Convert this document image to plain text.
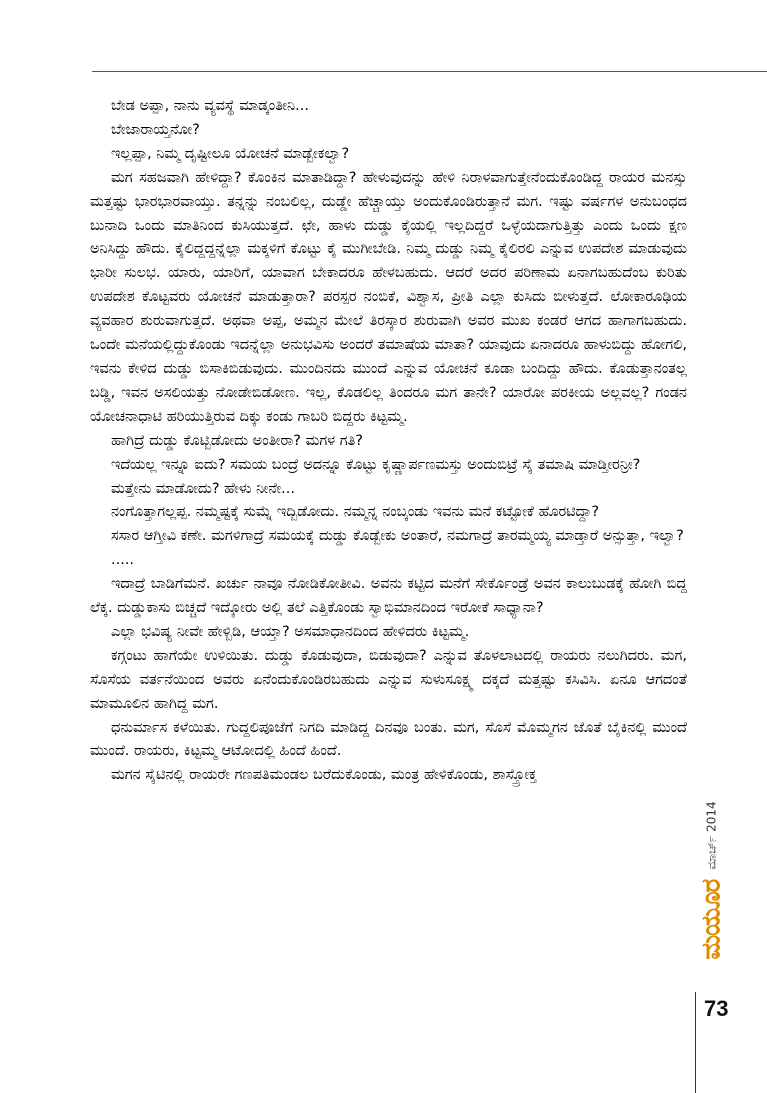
ಬೇಡ ಅಪ್ಪಾ, ನಾನು ವ್ಯವಸ್ಥೆ ಮಾಡ್ಕಂತೀನಿ...

ಬೇಜಾರಾಯ್ತನೋ?

ಇಲ್ಲಪ್ಪಾ, ನಿಮ್ಮ ದೃಷ್ಟೀಲೂ ಯೋಚನೆ ಮಾಡ್ಬೇಕಲ್ವಾ?

ಮಗ ಸಹಜವಾಗಿ ಹೇಳಿದ್ದಾ? ಕೊಂಕಿನ ಮಾತಾಡಿದ್ದಾ? ಹೇಳುವುದನ್ನು ಹೇಳಿ ನಿರಾಳವಾಗುತ್ತೇನೆಂದುಕೊಂಡಿದ್ದ ರಾಯರ ಮನಸ್ಸು ಮತ್ತಷ್ಟು ಭಾರಭಾರವಾಯ್ತು. ತನ್ನನ್ನು ನಂಬಲಿಲ್ಲ, ದುಡ್ಡೇ ಹೆಚ್ಚಾಯ್ತು ಅಂದುಕೊಂಡಿರುತ್ತಾನೆ ಮಗ. ಇಷ್ಟು ವರ್ಷಗಳ ಅನುಬಂಧದ ಬುನಾದಿ ಒಂದು ಮಾತಿನಿಂದ ಕುಸಿಯುತ್ತದೆ. ಛೇ, ಹಾಳು ದುಡ್ಡು ಕೈಯಲ್ಲಿ ಇಲ್ಲದಿದ್ದರೆ ಒಳ್ಳೆಯದಾಗುತ್ತಿತ್ತು ಎಂದು ಒಂದು ಕ್ಷಣ ಅನಿಸಿದ್ದು ಹೌದು. ಕೈಲಿದ್ದದ್ದನ್ನೆಲ್ಲಾ ಮಕ್ಕಳಿಗೆ ಕೊಟ್ಟು ಕೈ ಮುಗೀಬೇಡಿ. ನಿಮ್ಮ ದುಡ್ಡು ನಿಮ್ಮ ಕೈಲಿರಲಿ ಎನ್ನುವ ಉಪದೇಶ ಮಾಡುವುದು ಭಾರೀ ಸುಲಭ. ಯಾರು, ಯಾರಿಗೆ, ಯಾವಾಗ ಬೇಕಾದರೂ ಹೇಳಬಹುದು. ಆದರೆ ಅದರ ಪರಿಣಾಮ ಏನಾಗಬಹುದೆಂಬ ಕುರಿತು ಉಪದೇಶ ಕೊಟ್ಟವರು ಯೋಚನೆ ಮಾಡುತ್ತಾರಾ? ಪರಸ್ಪರ ನಂಬಿಕೆ, ವಿಶ್ವಾಸ, ಪ್ರೀತಿ ಎಲ್ಲಾ ಕುಸಿದು ಬೀಳುತ್ತದೆ. ಲೋಕಾರೂಢಿಯ ವ್ಯವಹಾರ ಶುರುವಾಗುತ್ತದೆ. ಅಥವಾ ಅಪ್ಪ, ಅಮ್ಮನ ಮೇಲೆ ತಿರಸ್ಕಾರ ಶುರುವಾಗಿ ಅವರ ಮುಖ ಕಂಡರೆ ಆಗದ ಹಾಗಾಗಬಹುದು. ಒಂದೇ ಮನೆಯಲ್ಲಿದ್ದುಕೊಂಡು ಇದನ್ನೆಲ್ಲಾ ಅನುಭವಿಸು ಅಂದರೆ ತಮಾಷೆಯ ಮಾತಾ? ಯಾವುದು ಏನಾದರೂ ಹಾಳುಬಿದ್ದು ಹೋಗಲಿ, ಇವನು ಕೇಳಿದ ದುಡ್ಡು ಬಿಸಾಕಿಬಿಡುವುದು. ಮುಂದಿನದು ಮುಂದೆ ಎನ್ನುವ ಯೋಚನೆ ಕೂಡಾ ಬಂದಿದ್ದು ಹೌದು. ಕೊಡುತ್ತಾನಂತಲ್ಲ ಬಡ್ಡಿ, ಇವನ ಅಸಲಿಯತ್ತು ನೋಡೇಬಿಡೋಣ. ಇಲ್ಲ, ಕೊಡಲಿಲ್ಲ ತಿಂದರೂ ಮಗ ತಾನೇ? ಯಾರೋ ಪರಕೀಯ ಅಲ್ಲವಲ್ಲ? ಗಂಡನ ಯೋಚನಾಧಾಟಿ ಹರಿಯುತ್ತಿರುವ ದಿಕ್ಕು ಕಂಡು ಗಾಬರಿ ಬಿದ್ದರು ಕಿಟ್ಟಮ್ಮ.

ಹಾಗಿದ್ರೆ ದುಡ್ಡು ಕೊಟ್ಬಿಡೋದು ಅಂತೀರಾ? ಮಗಳ ಗತಿ?

ಇದೆಯಲ್ಲ ಇನ್ನೂ ಐದು? ಸಮಯ ಬಂದ್ರೆ ಅದನ್ನೂ ಕೊಟ್ಟು ಕೃಷ್ಣಾರ್ಪಣಮಸ್ತು ಅಂದುಬಿಟ್ರೆ ಸೈ ತಮಾಷಿ ಮಾಡ್ತೀರನ್ರೀ?

ಮತ್ತೇನು ಮಾಡೋದು? ಹೇಳು ನೀನೇ...

ನಂಗೊತ್ತಾಗಲ್ಲಪ್ಪ. ನಮ್ಮಷ್ಟಕ್ಕೆ ಸುಮ್ನೆ ಇದ್ಬಿಡೋದು. ನಮ್ಮನ್ನ ನಂಬ್ಕಂಡು ಇವನು ಮನೆ ಕಟ್ಟೋಕೆ ಹೊರಟಿದ್ದಾ?

ಸಸಾರ ಆಗ್ತೀವಿ ಕಣೇ. ಮಗಳಿಗಾದ್ರೆ ಸಮಯಕ್ಕೆ ದುಡ್ಡು ಕೊಡ್ಬೇಕು ಅಂತಾರೆ, ನಮಗಾದ್ರೆ ತಾರಮ್ಮಯ್ಯ ಮಾಡ್ತಾರೆ ಅನ್ಸುತ್ತಾ, ಇಲ್ವಾ?

.....

ಇದಾದ್ರೆ ಬಾಡಿಗೆಮನೆ. ಖರ್ಚು ನಾವೂ ನೋಡಿಕೋತೀವಿ. ಅವನು ಕಟ್ಟಿದ ಮನೆಗೆ ಸೇರ್ಕೊಂಡ್ರೆ ಅವನ ಕಾಲುಬುಡಕ್ಕೆ ಹೋಗಿ ಬಿದ್ದ ಲೆಕ್ಕ. ದುಡ್ಡುಕಾಸು ಬಿಚ್ಚದೆ ಇದ್ಕೋರು ಅಲ್ಲಿ ತಲೆ ಎತ್ತಿಕೊಂಡು ಸ್ವಾಭಿಮಾನದಿಂದ ಇರೋಕೆ ಸಾಧ್ಯಾನಾ?

ಎಲ್ಲಾ ಭವಿಷ್ಯ ನೀವೇ ಹೇಳ್ಬಿಡಿ, ಆಯ್ತಾ? ಅಸಮಾಧಾನದಿಂದ ಹೇಳಿದರು ಕಿಟ್ಟಮ್ಮ.

ಕಗ್ಗಂಟು ಹಾಗೆಯೇ ಉಳಿಯಿತು. ದುಡ್ಡು ಕೊಡುವುದಾ, ಬಿಡುವುದಾ? ಎನ್ನುವ ತೊಳಲಾಟದಲ್ಲಿ ರಾಯರು ನಲುಗಿದರು. ಮಗ, ಸೊಸೆಯ ವರ್ತನೆಯಿಂದ ಅವರು ಏನೆಂದುಕೊಂಡಿರಬಹುದು ಎನ್ನುವ ಸುಳುಸೂಕ್ಷ್ಮ ದಕ್ಕದೆ ಮತ್ತಷ್ಟು ಕಸಿವಿಸಿ. ಏನೂ ಆಗದಂತೆ ಮಾಮೂಲಿನ ಹಾಗಿದ್ದ ಮಗ.

ಧನುರ್ಮಾಸ ಕಳೆಯಿತು. ಗುದ್ದಲಿಪೂಜೆಗೆ ನಿಗದಿ ಮಾಡಿದ್ದ ದಿನವೂ ಬಂತು. ಮಗ, ಸೊಸೆ ಮೊಮ್ಮಗನ ಜೊತೆ ಬೈಕಿನಲ್ಲಿ ಮುಂದೆ ಮುಂದೆ. ರಾಯರು, ಕಿಟ್ಟಮ್ಮ ಆಟೋದಲ್ಲಿ ಹಿಂದೆ ಹಿಂದೆ.

ಮಗನ ಸೈಟಿನಲ್ಲಿ ರಾಯರೇ ಗಣಪತಿಮಂಡಲ ಬರೆದುಕೊಂಡು, ಮಂತ್ರ ಹೇಳಿಕೊಂಡು, ಶಾಸ್ತ್ರೋಕ್ತ

ಮಯೂರ
ಮಾರ್ಚ್ 2014
73
